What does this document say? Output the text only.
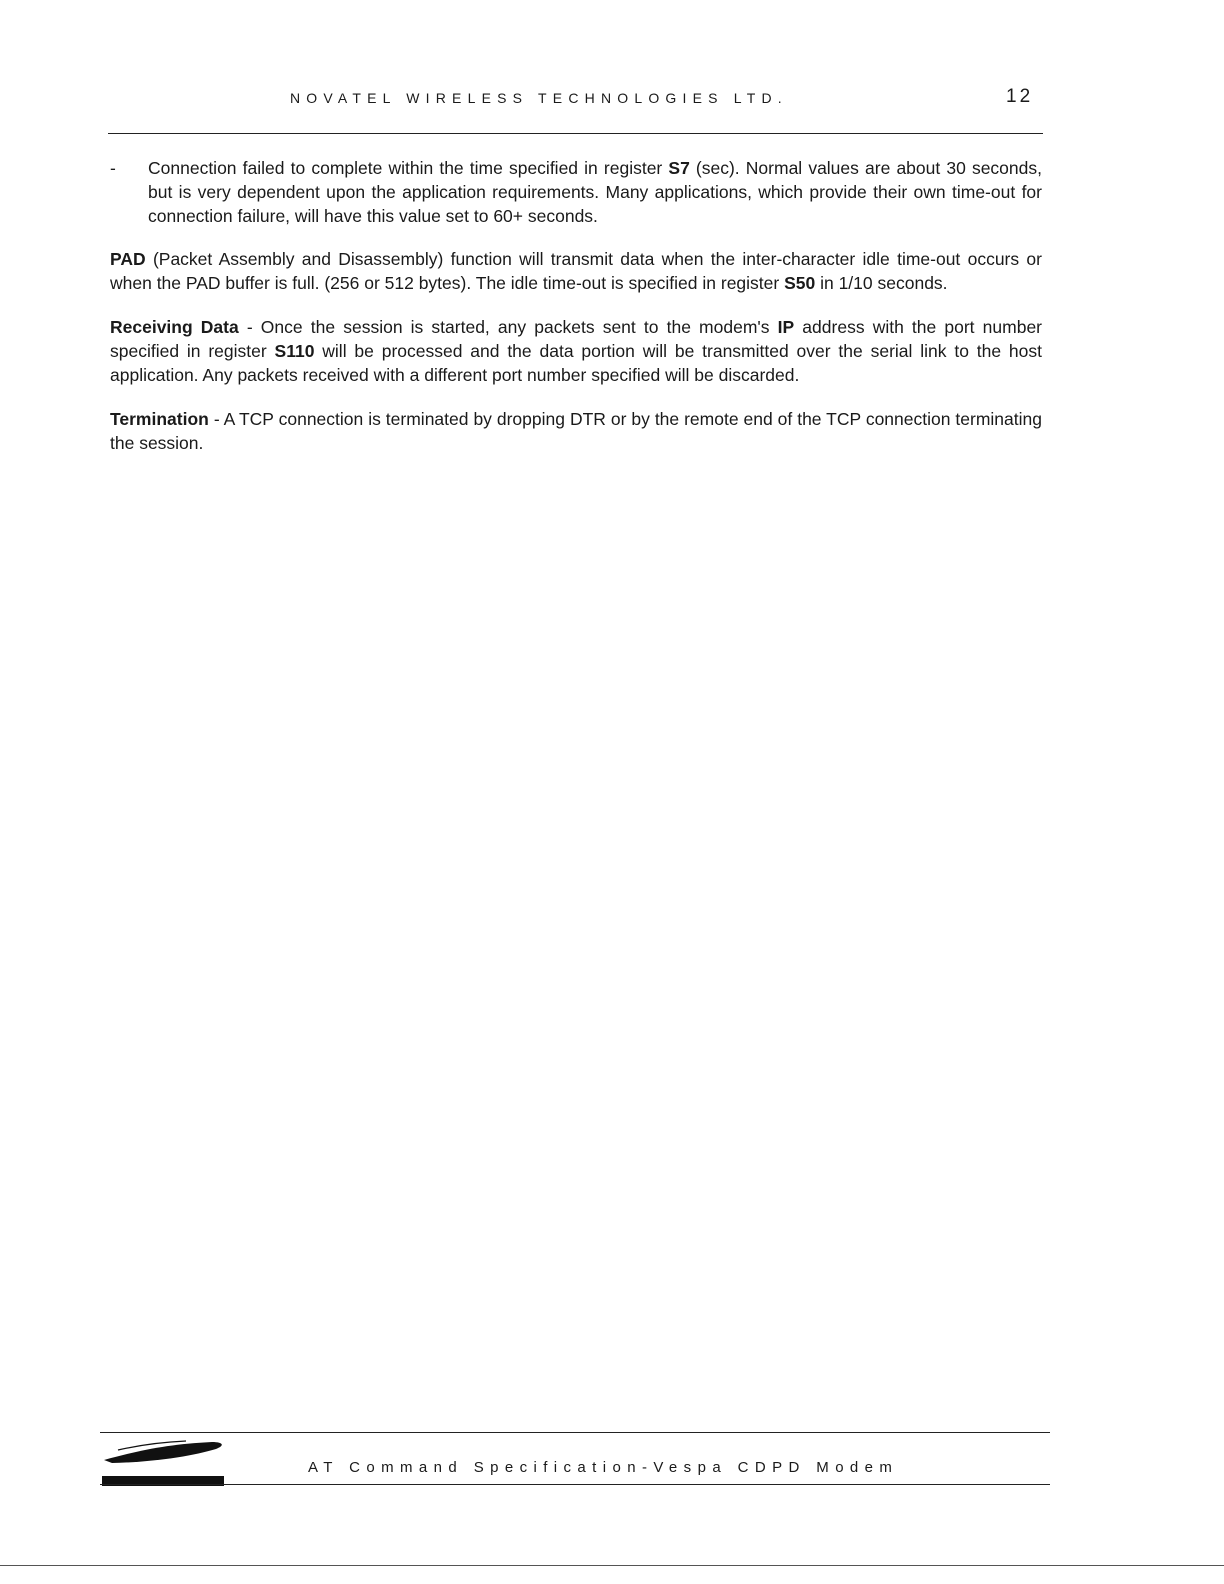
NOVATEL WIRELESS TECHNOLOGIES LTD.	12
- Connection failed to complete within the time specified in register S7 (sec). Normal values are about 30 seconds, but is very dependent upon the application requirements. Many applications, which provide their own time-out for connection failure, will have this value set to 60+ seconds.

PAD (Packet Assembly and Disassembly) function will transmit data when the inter-character idle time-out occurs or when the PAD buffer is full. (256 or 512 bytes). The idle time-out is specified in register S50 in 1/10 seconds.

Receiving Data - Once the session is started, any packets sent to the modem's IP address with the port number specified in register S110 will be processed and the data portion will be transmitted over the serial link to the host application. Any packets received with a different port number specified will be discarded.

Termination - A TCP connection is terminated by dropping DTR or by the remote end of the TCP connection terminating the session.

AT Command Specification-Vespa CDPD Modem
